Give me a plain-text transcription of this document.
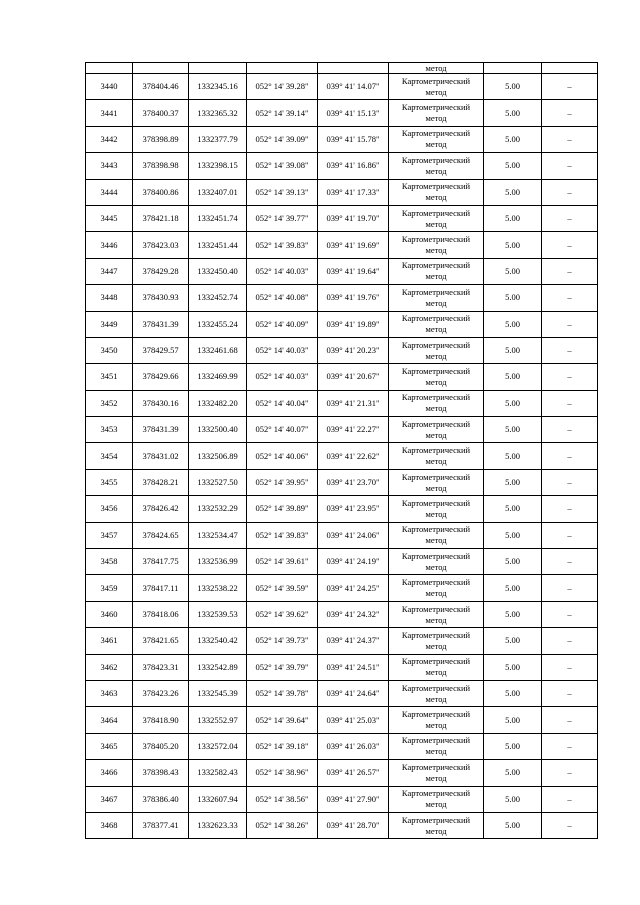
					метод		
3440	378404.46	1332345.16	052° 14' 39.28"	039° 41' 14.07"	Картометрический метод	5.00	–
3441	378400.37	1332365.32	052° 14' 39.14"	039° 41' 15.13"	Картометрический метод	5.00	–
3442	378398.89	1332377.79	052° 14' 39.09"	039° 41' 15.78"	Картометрический метод	5.00	–
3443	378398.98	1332398.15	052° 14' 39.08"	039° 41' 16.86"	Картометрический метод	5.00	–
3444	378400.86	1332407.01	052° 14' 39.13"	039° 41' 17.33"	Картометрический метод	5.00	–
3445	378421.18	1332451.74	052° 14' 39.77"	039° 41' 19.70"	Картометрический метод	5.00	–
3446	378423.03	1332451.44	052° 14' 39.83"	039° 41' 19.69"	Картометрический метод	5.00	–
3447	378429.28	1332450.40	052° 14' 40.03"	039° 41' 19.64"	Картометрический метод	5.00	–
3448	378430.93	1332452.74	052° 14' 40.08"	039° 41' 19.76"	Картометрический метод	5.00	–
3449	378431.39	1332455.24	052° 14' 40.09"	039° 41' 19.89"	Картометрический метод	5.00	–
3450	378429.57	1332461.68	052° 14' 40.03"	039° 41' 20.23"	Картометрический метод	5.00	–
3451	378429.66	1332469.99	052° 14' 40.03"	039° 41' 20.67"	Картометрический метод	5.00	–
3452	378430.16	1332482.20	052° 14' 40.04"	039° 41' 21.31"	Картометрический метод	5.00	–
3453	378431.39	1332500.40	052° 14' 40.07"	039° 41' 22.27"	Картометрический метод	5.00	–
3454	378431.02	1332506.89	052° 14' 40.06"	039° 41' 22.62"	Картометрический метод	5.00	–
3455	378428.21	1332527.50	052° 14' 39.95"	039° 41' 23.70"	Картометрический метод	5.00	–
3456	378426.42	1332532.29	052° 14' 39.89"	039° 41' 23.95"	Картометрический метод	5.00	–
3457	378424.65	1332534.47	052° 14' 39.83"	039° 41' 24.06"	Картометрический метод	5.00	–
3458	378417.75	1332536.99	052° 14' 39.61"	039° 41' 24.19"	Картометрический метод	5.00	–
3459	378417.11	1332538.22	052° 14' 39.59"	039° 41' 24.25"	Картометрический метод	5.00	–
3460	378418.06	1332539.53	052° 14' 39.62"	039° 41' 24.32"	Картометрический метод	5.00	–
3461	378421.65	1332540.42	052° 14' 39.73"	039° 41' 24.37"	Картометрический метод	5.00	–
3462	378423.31	1332542.89	052° 14' 39.79"	039° 41' 24.51"	Картометрический метод	5.00	–
3463	378423.26	1332545.39	052° 14' 39.78"	039° 41' 24.64"	Картометрический метод	5.00	–
3464	378418.90	1332552.97	052° 14' 39.64"	039° 41' 25.03"	Картометрический метод	5.00	–
3465	378405.20	1332572.04	052° 14' 39.18"	039° 41' 26.03"	Картометрический метод	5.00	–
3466	378398.43	1332582.43	052° 14' 38.96"	039° 41' 26.57"	Картометрический метод	5.00	–
3467	378386.40	1332607.94	052° 14' 38.56"	039° 41' 27.90"	Картометрический метод	5.00	–
3468	378377.41	1332623.33	052° 14' 38.26"	039° 41' 28.70"	Картометрический метод	5.00	–
